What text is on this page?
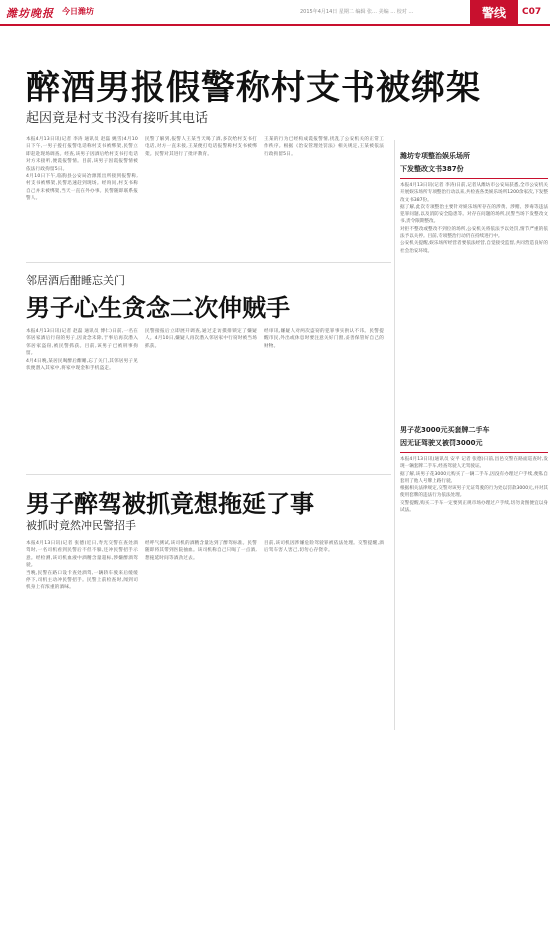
潍坊晚报 今日潍坊	2015年4月14日 星期二 编辑 张… 美编 … 校对 …	警线	C07
醉酒男报假警称村支书被绑架
起因竟是村支书没有接听其电话

本报4月13日讯(记者 李涛 通讯员 赵磊 姚雪)4月10日下午,一男子拨打报警电话称村支书被绑架,民警立即赶赴现场调查。经查,该男子因酒后给村支书打电话对方未接听,便谎报警情。目前,该男子因谎报警情被依法行政拘留5日。

4月10日下午,临朐县公安局冶源派出所接到报警称,村支书被绑架,民警迅速赶到现场。经询问,村支书称自己并未被绑架,当天一直在外办事。民警随即联系报警人。

民警了解到,报警人王某当天喝了酒,多次给村支书打电话,对方一直未接,王某便打电话报警称村支书被绑架。民警对其进行了批评教育。

王某的行为已经构成谎报警情,扰乱了公安机关的正常工作秩序。根据《治安管理处罚法》相关规定,王某被依法行政拘留5日。

邻居酒后酣睡忘关门
男子心生贪念二次伸贼手

本报4月13日讯(记者 赵磊 通讯员 博仁)日前,一名在邻居家酒后行窃的男子,因贪念未除,于事后再次潜入邻居家盗窃,被民警抓获。目前,该男子已被刑事拘留。

4月4日晚,某居民喝醉后酣睡,忘了关门,其邻居男子见状便潜入其家中,将家中现金和手机盗走。

民警接报后立即展开调查,通过走访摸排锁定了嫌疑人。4月10日,嫌疑人再次潜入邻居家中行窃时被当场抓获。

经审讯,嫌疑人对两次盗窃的犯罪事实供认不讳。民警提醒市民,外出或休息时要注意关好门窗,妥善保管好自己的财物。

男子醉驾被抓竟想拖延了事
被抓时竟然冲民警招手

本报4月13日讯(记者 张德)近日,寿光交警在查处酒驾时,一名司机看到民警后不但不躲,还冲民警招手示意。经检测,该司机血液中酒精含量超标,涉嫌醉酒驾驶。

当晚,民警在路口设卡查处酒驾,一辆轿车驶来后缓缓停下,司机主动冲民警招手。民警上前检查时,闻到司机身上有浓重的酒味。

经呼气测试,该司机的酒精含量达到了醉驾标准。民警随即将其带到医院抽血。该司机称自己只喝了一点酒,想拖延时间等酒劲过去。

目前,该司机因涉嫌危险驾驶罪被依法处理。交警提醒,酒后驾车害人害己,切勿心存侥幸。

潍坊专项整治娱乐场所
下发整改文书387份

本报4月13日讯(记者 李涛)日前,记者从潍坊市公安局获悉,全市公安机关开展娱乐场所专项整治行动以来,共检查各类娱乐场所1200余家次,下发整改文书387份。

据了解,此次专项整治主要针对娱乐场所存在的涉黄、涉赌、涉毒等违法犯罪问题,以及消防安全隐患等。对存在问题的场所,民警当场下发整改文书,责令限期整改。

对拒不整改或整改不到位的场所,公安机关将依法予以处罚,情节严重的依法予以关停。目前,专项整治行动仍在持续进行中。

公安机关提醒,娱乐场所经营者要依法经营,自觉接受监督,共同营造良好的社会治安环境。

男子花3000元买套牌二手车
因无证驾驶又被罚3000元

本报4月13日讯(通讯员 安平 记者 张德)日前,昌邑交警在路面巡查时,发现一辆套牌二手车,经查驾驶人无驾驶证。

据了解,该男子花3000元购买了一辆二手车,因没有办理过户手续,便私自套用了他人号牌上路行驶。

根据相关法律规定,交警对该男子无证驾驶的行为处以罚款3000元,并对其使用套牌的违法行为依法处理。

交警提醒,购买二手车一定要到正规市场办理过户手续,切勿贪图便宜以身试法。
